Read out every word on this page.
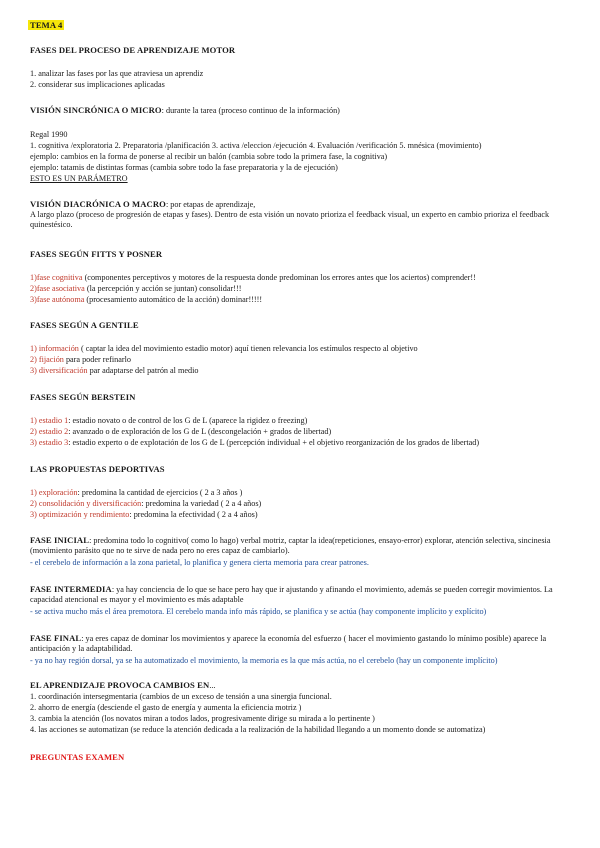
TEMA 4
FASES DEL PROCESO DE APRENDIZAJE MOTOR
1. analizar las fases por las que atraviesa un aprendiz
2. considerar sus implicaciones aplicadas
VISIÓN SINCRÓNICA O MICRO: durante la tarea (proceso continuo de la información)
Regal 1990
1. cognitiva /exploratoria 2. Preparatoria /planificación 3. activa /eleccion /ejecución 4. Evaluación /verificación 5. mnésica (movimiento)
ejemplo: cambios en la forma de ponerse al recibir un balón (cambia sobre todo la primera fase, la cognitiva)
ejemplo: tatamis de distintas formas (cambia sobre todo la fase preparatoria y la de ejecución)
ESTO ES UN PARÁMETRO
VISIÓN DIACRÓNICA O MACRO: por etapas de aprendizaje,
A largo plazo (proceso de progresión de etapas y fases). Dentro de esta visión un novato prioriza el feedback visual, un experto en cambio prioriza el feedback quinestésico.
FASES SEGÚN FITTS Y POSNER
1)fase cognitiva (componentes perceptivos y motores de la respuesta donde predominan los errores antes que los aciertos) comprender!!
2)fase asociativa (la percepción y acción se juntan) consolidar!!!
3)fase autónoma (procesamiento automático de la acción) dominar!!!!!
FASES SEGÚN A GENTILE
1) información ( captar la idea del movimiento estadio motor) aquí tienen relevancia los estímulos respecto al objetivo
2) fijación para poder refinarlo
3) diversificación par adaptarse del patrón al medio
FASES SEGÚN BERSTEIN
1) estadio 1: estadio novato o de control de los G de L (aparece la rigidez o freezing)
2) estadio 2: avanzado o de exploración de los G de L (descongelación + grados de libertad)
3) estadio 3: estadio experto o de explotación de los G de L (percepción individual + el objetivo reorganización de los grados de libertad)
LAS PROPUESTAS DEPORTIVAS
1) exploración: predomina la cantidad de ejercicios ( 2 a 3 años )
2) consolidación y diversificación: predomina la variedad ( 2 a 4 años)
3) optimización y rendimiento: predomina la efectividad ( 2 a 4 años)
FASE INICIAL: predomina todo lo cognitivo( como lo hago) verbal motriz, captar la idea(repeticiones, ensayo-error) explorar, atención selectiva, sincinesia (movimiento parásito que no te sirve de nada pero no eres capaz de cambiarlo).
- el cerebelo de información a la zona parietal, lo planifica y genera cierta memoria para crear patrones.
FASE INTERMEDIA: ya hay conciencia de lo que se hace pero hay que ir ajustando y afinando el movimiento, además se pueden corregir movimientos. La capacidad atencional es mayor y el movimiento es más adaptable
- se activa mucho más el área premotora. El cerebelo manda info más rápido, se planifica y se actúa (hay componente implícito y explícito)
FASE FINAL: ya eres capaz de dominar los movimientos y aparece la economía del esfuerzo ( hacer el movimiento gastando lo mínimo posible) aparece la anticipación y la adaptabilidad.
- ya no hay región dorsal, ya se ha automatizado el movimiento, la memoria es la que más actúa, no el cerebelo (hay un componente implícito)
EL APRENDIZAJE PROVOCA CAMBIOS EN...
1. coordinación intersegmentaria (cambios de un exceso de tensión a una sinergia funcional.
2. ahorro de energía (desciende el gasto de energía y aumenta la eficiencia motriz )
3. cambia la atención (los novatos miran a todos lados, progresivamente dirige su mirada a lo pertinente )
4. las acciones se automatizan (se reduce la atención dedicada a la realización de la habilidad llegando a un momento donde se automatiza)
PREGUNTAS EXAMEN
